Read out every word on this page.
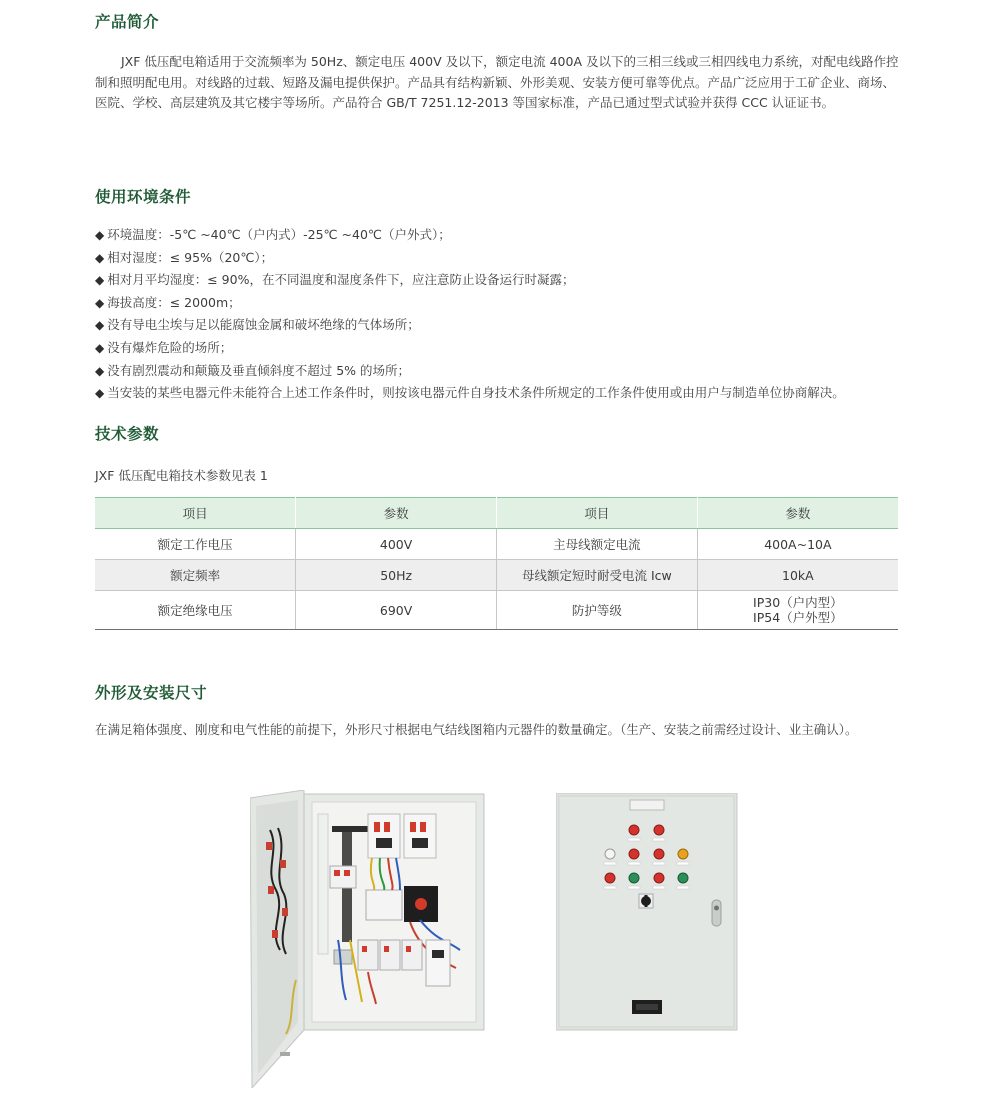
产品简介

JXF 低压配电箱适用于交流频率为 50Hz、额定电压 400V 及以下，额定电流 400A 及以下的三相三线或三相四线电力系统，对配电线路作控制和照明配电用。对线路的过载、短路及漏电提供保护。产品具有结构新颖、外形美观、安装方便可靠等优点。产品广泛应用于工矿企业、商场、医院、学校、高层建筑及其它楼宇等场所。产品符合 GB/T 7251.12-2013 等国家标准，产品已通过型式试验并获得 CCC 认证证书。

使用环境条件
◆ 环境温度：-5℃ ~40℃（户内式）-25℃ ~40℃（户外式）；
◆ 相对湿度：≤ 95%（20℃）；
◆ 相对月平均湿度：≤ 90%，在不同温度和湿度条件下，应注意防止设备运行时凝露；
◆ 海拔高度：≤ 2000m；
◆ 没有导电尘埃与足以能腐蚀金属和破坏绝缘的气体场所；
◆ 没有爆炸危险的场所；
◆ 没有剧烈震动和颠簸及垂直倾斜度不超过 5% 的场所；
◆ 当安装的某些电器元件未能符合上述工作条件时，则按该电器元件自身技术条件所规定的工作条件使用或由用户与制造单位协商解决。
技术参数

JXF 低压配电箱技术参数见表 1

项目	参数	项目	参数
额定工作电压	400V	主母线额定电流	400A~10A
额定频率	50Hz	母线额定短时耐受电流 Icw	10kA
额定绝缘电压	690V	防护等级	IP30（户内型）
IP54（户外型）
外形及安装尺寸

在满足箱体强度、刚度和电气性能的前提下，外形尺寸根据电气结线图箱内元器件的数量确定。（生产、安装之前需经过设计、业主确认）。
